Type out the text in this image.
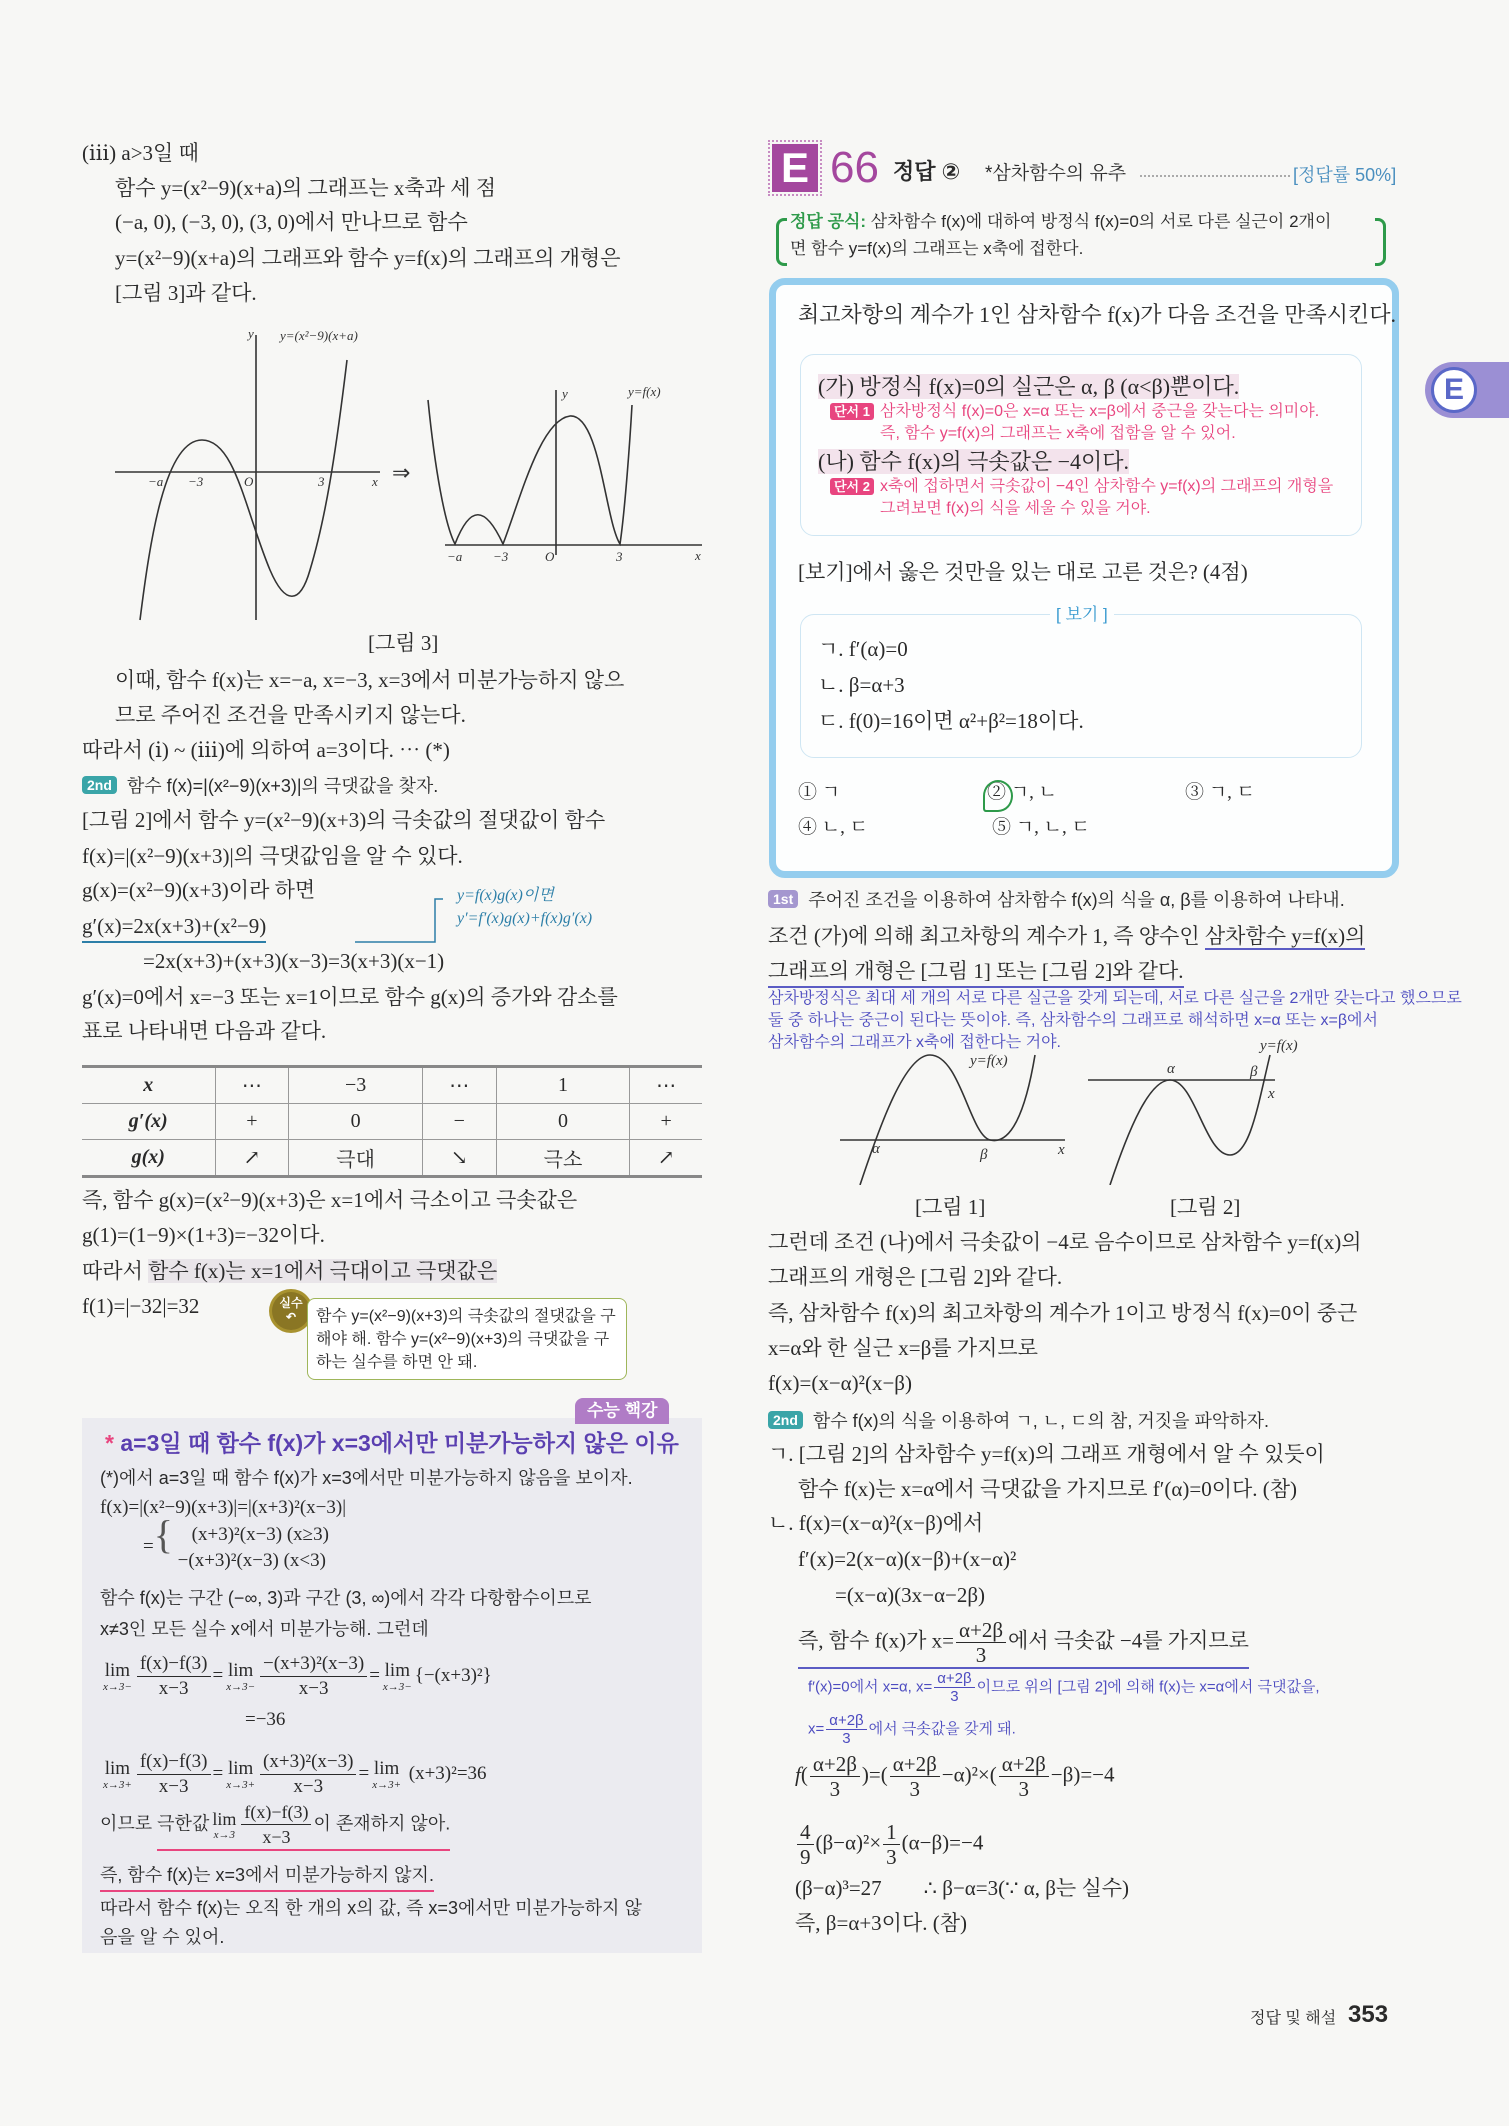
(ⅲ) a>3일 때
함수 y=(x²−9)(x+a)의 그래프는 x축과 세 점
(−a, 0), (−3, 0), (3, 0)에서 만나므로 함수
y=(x²−9)(x+a)의 그래프와 함수 y=f(x)의 그래프의 개형은
[그림 3]과 같다.
y y=(x²−9)(x+a)
x
−a −3	O	3	⇒
y	y=f(x)
x
−a −3	O	3
[그림 3]
이때, 함수 f(x)는 x=−a, x=−3, x=3에서 미분가능하지 않으
므로 주어진 조건을 만족시키지 않는다.
따라서 (ⅰ) ~ (ⅲ)에 의하여 a=3이다. ⋯ (*)
2nd 함수 f(x)=|(x²−9)(x+3)|의 극댓값을 찾자.
[그림 2]에서 함수 y=(x²−9)(x+3)의 극솟값의 절댓값이 함수
f(x)=|(x²−9)(x+3)|의 극댓값임을 알 수 있다.
g(x)=(x²−9)(x+3)이라 하면
g′(x)=2x(x+3)+(x²−9)
y=f(x)g(x)이면
y′=f′(x)g(x)+f(x)g′(x)
=2x(x+3)+(x+3)(x−3)=3(x+3)(x−1)
g′(x)=0에서 x=−3 또는 x=1이므로 함수 g(x)의 증가와 감소를
표로 나타내면 다음과 같다.
x	⋯	−3	⋯	1	⋯
g′(x)	+	0	−	0	+
g(x)	↗	극대	↘	극소	↗
즉, 함수 g(x)=(x²−9)(x+3)은 x=1에서 극소이고 극솟값은
g(1)=(1−9)×(1+3)=−32이다.
따라서 함수 f(x)는 x=1에서 극대이고 극댓값은
f(1)=|−32|=32	실수
↶	함수 y=(x²−9)(x+3)의 극솟값의 절댓값을 구해야 해. 함수 y=(x²−9)(x+3)의 극댓값을 구하는 실수를 하면 안 돼.
수능 핵강
* a=3일 때 함수 f(x)가 x=3에서만 미분가능하지 않은 이유
(*)에서 a=3일 때 함수 f(x)가 x=3에서만 미분가능하지 않음을 보이자.
f(x)=|(x²−9)(x+3)|=|(x+3)²(x−3)|
={ (x+3)²(x−3) (x≥3)
−(x+3)²(x−3) (x<3)
함수 f(x)는 구간 (−∞, 3)과 구간 (3, ∞)에서 각각 다항함수이므로
x≠3인 모든 실수 x에서 미분가능해. 그런데
lim
$x\to 3- \frac{f(x)-f(3)}{x-3} = \lim$
$x\to 3- \frac{\text{−(x+3)²(x−3)}}{x-3} = \lim$
x→3−
{−(x+3)²}
=−36
lim
$x\to 3+ \frac{f(x)-f(3)}{x-3} = \lim$
$x\to 3+ \frac{\text{(x+3)²(x−3)}}{x-3} = \lim$
x→3+
(x+3)²=36
이므로 극한값 lim
$x\to 3 \frac{f(x)-f(3)}{x-3}$ 이 존재하지 않아.
즉, 함수 f(x)는 x=3에서 미분가능하지 않지.
따라서 함수 f(x)는 오직 한 개의 x의 값, 즉 x=3에서만 미분가능하지 않
음을 알 수 있어.
E 66 정답 ② *삼차함수의 유추	[정답률 50%]
정답 공식: 삼차함수 f(x)에 대하여 방정식 f(x)=0의 서로 다른 실근이 2개이
면 함수 y=f(x)의 그래프는 x축에 접한다.
최고차항의 계수가 1인 삼차함수 f(x)가 다음 조건을 만족시킨다.
(가) 방정식 f(x)=0의 실근은 α, β (α<β)뿐이다.
단서 1 삼차방정식 f(x)=0은 x=α 또는 x=β에서 중근을 갖는다는 의미야.
즉, 함수 y=f(x)의 그래프는 x축에 접함을 알 수 있어.
(나) 함수 f(x)의 극솟값은 −4이다.
단서 2 x축에 접하면서 극솟값이 −4인 삼차함수 y=f(x)의 그래프의 개형을
그려보면 f(x)의 식을 세울 수 있을 거야.
[보기]에서 옳은 것만을 있는 대로 고른 것은? (4점)
[ 보기 ]
ㄱ. f′(α)=0
ㄴ. β=α+3
ㄷ. f(0)=16이면 α²+β²=18이다.
① ㄱ	② ㄱ, ㄴ	③ ㄱ, ㄷ
④ ㄴ, ㄷ	⑤ ㄱ, ㄴ, ㄷ
1st 주어진 조건을 이용하여 삼차함수 f(x)의 식을 α, β를 이용하여 나타내.
조건 (가)에 의해 최고차항의 계수가 1, 즉 양수인 삼차함수 y=f(x)의
그래프의 개형은 [그림 1] 또는 [그림 2]와 같다.
삼차방정식은 최대 세 개의 서로 다른 실근을 갖게 되는데, 서로 다른 실근을 2개만 갖는다고 했으므로
둘 중 하나는 중근이 된다는 뜻이야. 즉, 삼차함수의 그래프로 해석하면 x=α 또는 x=β에서
삼차함수의 그래프가 x축에 접한다는 거야.
y=f(x)
α	β	x
y=f(x)
α	β
x
[그림 1]	[그림 2]
그런데 조건 (나)에서 극솟값이 −4로 음수이므로 삼차함수 y=f(x)의
그래프의 개형은 [그림 2]와 같다.
즉, 삼차함수 f(x)의 최고차항의 계수가 1이고 방정식 f(x)=0이 중근
x=α와 한 실근 x=β를 가지므로
f(x)=(x−α)²(x−β)
2nd 함수 f(x)의 식을 이용하여 ㄱ, ㄴ, ㄷ의 참, 거짓을 파악하자.
ㄱ. [그림 2]의 삼차함수 y=f(x)의 그래프 개형에서 알 수 있듯이
함수 f(x)는 x=α에서 극댓값을 가지므로 f′(α)=0이다. (참)
ㄴ. f(x)=(x−α)²(x−β)에서
f′(x)=2(x−α)(x−β)+(x−α)²
=(x−α)(3x−α−2β)
즉, 함수 f(x)가 $x= \frac{\alpha+2\beta}{3}$ 에서 극솟값 −4를 가지므로
f′(x)=0에서 x=α, $x= \frac{\alpha+2\beta}{3}$ 이므로 위의 [그림 2]에 의해 f(x)는 x=α에서 극댓값을,
$x= \frac{\alpha+2\beta}{3}$ 에서 극솟값을 갖게 돼.
$f( \frac{\alpha+2\beta}{3}$ )=( $\frac{\alpha+2\beta}{3} -\alpha)^2\times( \frac{\alpha+2\beta}{3} -\beta)=-4$
$\frac{4}{9} (\beta-\alpha)^2\times \frac{1}{3} (\alpha-\beta)=-4$
(β−α)³=27        ∴ β−α=3(∵ α, β는 실수)
즉, β=α+3이다. (참)
E
정답 및 해설 353
